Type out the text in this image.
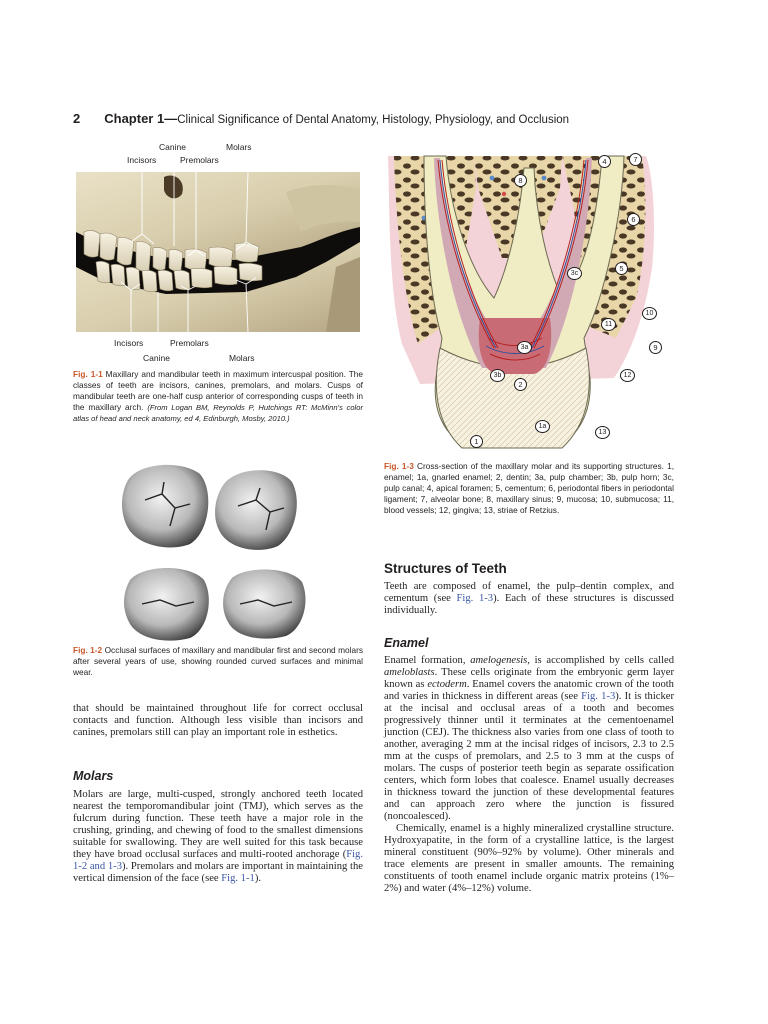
2 Chapter 1—Clinical Significance of Dental Anatomy, Histology, Physiology, and Occlusion
Canine	Molars
Incisors	Premolars
Incisors	Premolars
Canine	Molars
Fig. 1-1 Maxillary and mandibular teeth in maximum intercuspal position. The classes of teeth are incisors, canines, premolars, and molars. Cusps of mandibular teeth are one-half cusp anterior of corresponding cusps of teeth in the maxillary arch. (From Logan BM, Reynolds P, Hutchings RT: McMinn's color atlas of head and neck anatomy, ed 4, Edinburgh, Mosby, 2010.)
Fig. 1-2 Occlusal surfaces of maxillary and mandibular first and second molars after several years of use, showing rounded curved surfaces and minimal wear.
4	7
8
6
5
3c
10
11
9
3a
3b	12
2
1a
1
13
Fig. 1-3 Cross-section of the maxillary molar and its supporting structures. 1, enamel; 1a, gnarled enamel; 2, dentin; 3a, pulp chamber; 3b, pulp horn; 3c, pulp canal; 4, apical foramen; 5, cementum; 6, periodontal fibers in periodontal ligament; 7, alveolar bone; 8, maxillary sinus; 9, mucosa; 10, submucosa; 11, blood vessels; 12, gingiva; 13, striae of Retzius.

that should be maintained throughout life for correct occlusal contacts and function. Although less visible than incisors and canines, premolars still can play an important role in esthetics.

Molars

Molars are large, multi-cusped, strongly anchored teeth located nearest the temporomandibular joint (TMJ), which serves as the fulcrum during function. These teeth have a major role in the crushing, grinding, and chewing of food to the smallest dimensions suitable for swallowing. They are well suited for this task because they have broad occlusal surfaces and multi-rooted anchorage (Fig. 1-2 and 1-3). Premolars and molars are important in maintaining the vertical dimension of the face (see Fig. 1-1).

Structures of Teeth

Teeth are composed of enamel, the pulp–dentin complex, and cementum (see Fig. 1-3). Each of these structures is discussed individually.

Enamel

Enamel formation, amelogenesis, is accomplished by cells called ameloblasts. These cells originate from the embryonic germ layer known as ectoderm. Enamel covers the anatomic crown of the tooth and varies in thickness in different areas (see Fig. 1-3). It is thicker at the incisal and occlusal areas of a tooth and becomes progressively thinner until it terminates at the cementoenamel junction (CEJ). The thickness also varies from one class of tooth to another, averaging 2 mm at the incisal ridges of incisors, 2.3 to 2.5 mm at the cusps of premolars, and 2.5 to 3 mm at the cusps of molars. The cusps of posterior teeth begin as separate ossification centers, which form lobes that coalesce. Enamel usually decreases in thickness toward the junction of these developmental features and can approach zero where the junction is fissured (noncoalesced).

Chemically, enamel is a highly mineralized crystalline structure. Hydroxyapatite, in the form of a crystalline lattice, is the largest mineral constituent (90%–92% by volume). Other minerals and trace elements are present in smaller amounts. The remaining constituents of tooth enamel include organic matrix proteins (1%–2%) and water (4%–12%) volume.
